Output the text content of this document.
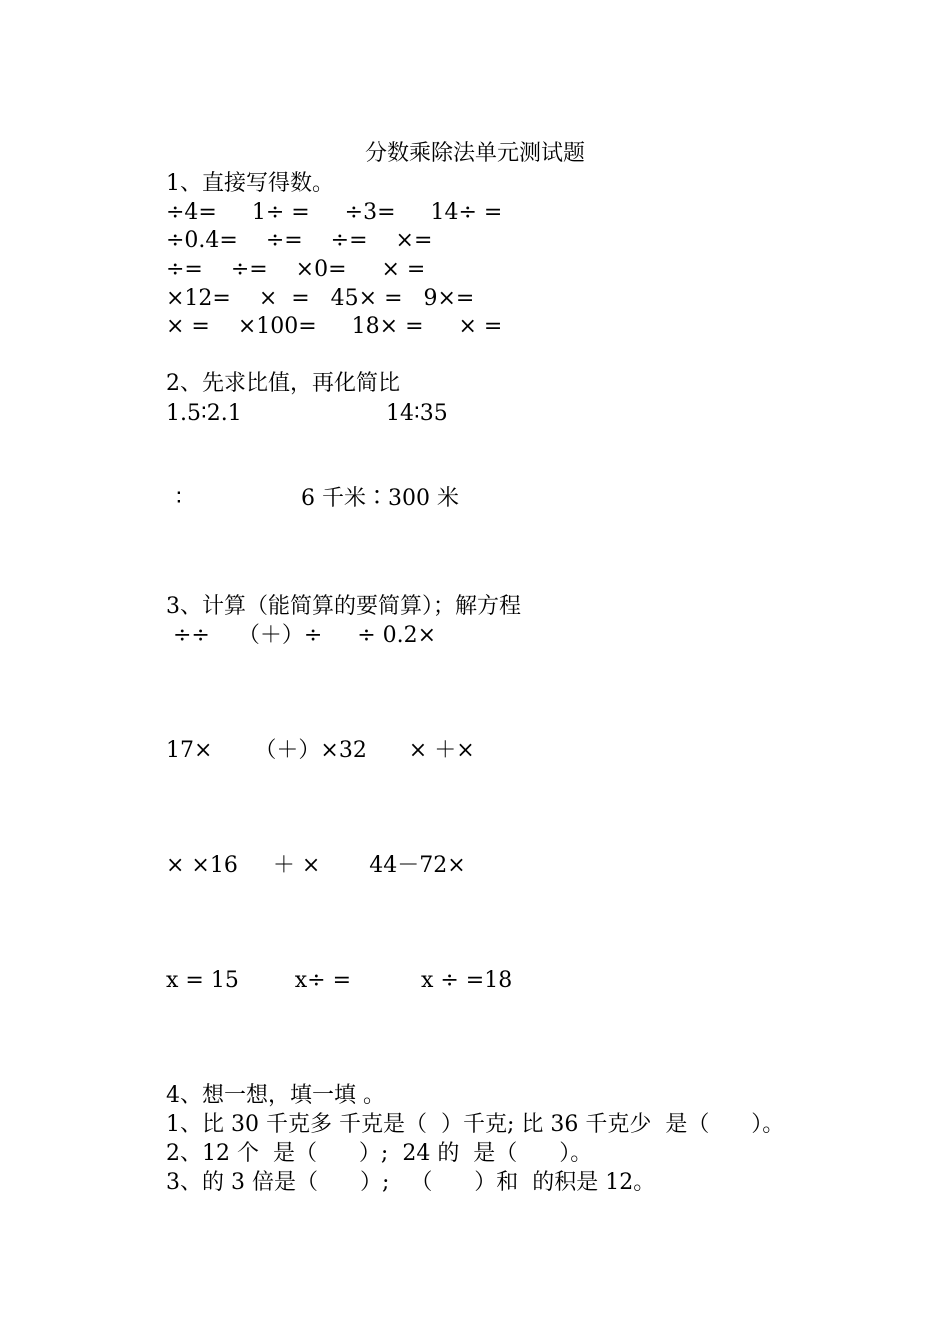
分数乘除法单元测试题

1、直接写得数。

÷4=     1÷ =     ÷3=     14÷ =

÷0.4=    ÷=    ÷=    ×=

÷=    ÷=    ×0=     × =

×12=    ×  =   45× =   9×=

× =    ×100=     18× =     × =

2、先求比值，再化简比

1.5∶2.1	14∶35

∶	6 千米∶300 米

3、计算（能简算的要简算）；解方程

÷÷    （＋）÷     ÷ 0.2×

17×      （＋）×32      × ＋×

× ×16     ＋ ×       44－72×

x = 15        x÷ =          x ÷ =18

4、想一想，填一填 。

1、比 30 千克多 千克是（  ）千克; 比 36 千克少  是（      ）。

2、12 个  是（      ）;  24 的  是（      ）。

3、的 3 倍是（      ）;   （      ）和  的积是 12。
